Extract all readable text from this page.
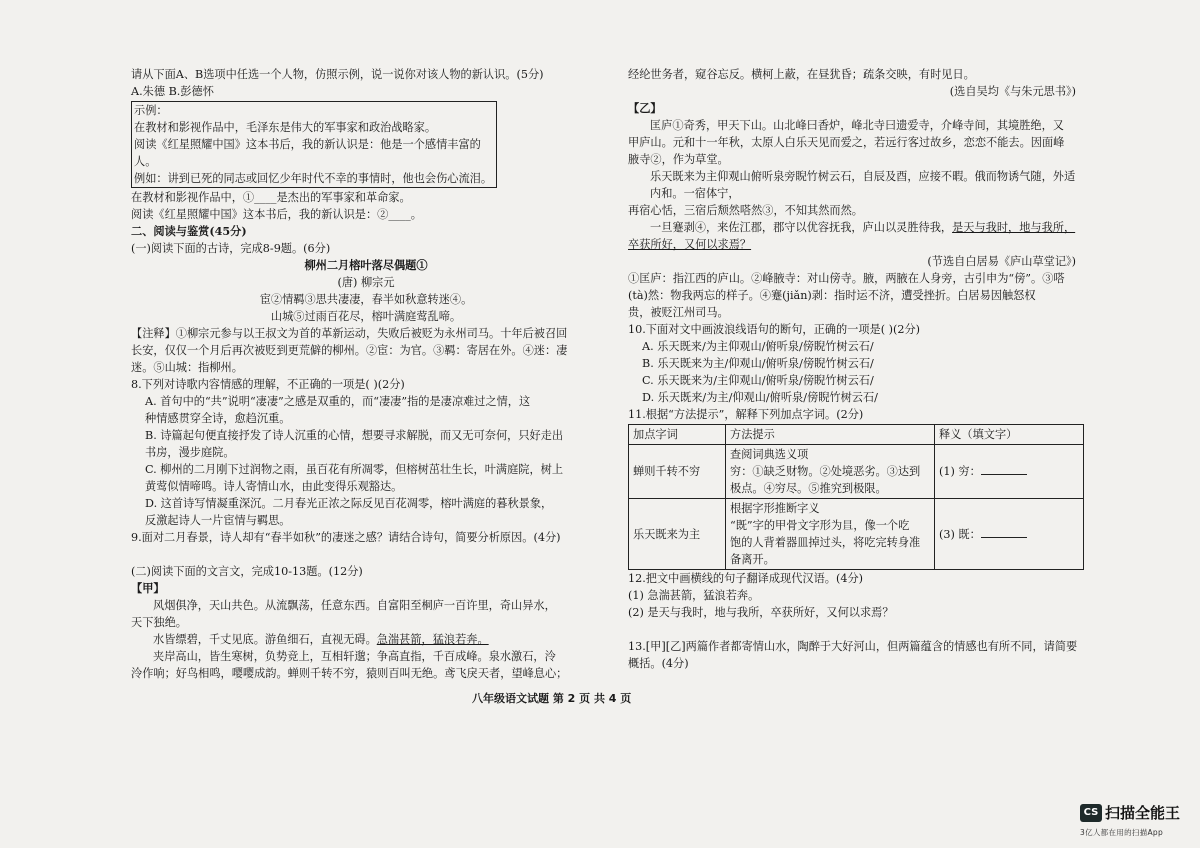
请从下面A、B选项中任选一个人物，仿照示例，说一说你对该人物的新认识。(5分)
A.朱德 B.彭德怀
示例：
在教材和影视作品中，毛泽东是伟大的军事家和政治战略家。
阅读《红星照耀中国》这本书后，我的新认识是：他是一个感情丰富的人。
例如：讲到已死的同志或回忆少年时代不幸的事情时，他也会伤心流泪。
在教材和影视作品中，①____是杰出的军事家和革命家。
阅读《红星照耀中国》这本书后，我的新认识是：②____。
二、阅读与鉴赏(45分)
(一)阅读下面的古诗，完成8-9题。(6分)
柳州二月榕叶落尽偶题①
(唐) 柳宗元
宦②情羁③思共凄凄，春半如秋意转迷④。
山城⑤过雨百花尽，榕叶满庭莺乱啼。
【注释】①柳宗元参与以王叔文为首的革新运动，失败后被贬为永州司马。十年后被召回
长安，仅仅一个月后再次被贬到更荒僻的柳州。②宦：为官。③羁：寄居在外。④迷：凄
迷。⑤山城：指柳州。
8.下列对诗歌内容情感的理解，不正确的一项是( )(2分)
A. 首句中的“共”说明“凄凄”之感是双重的，而“凄凄”指的是凄凉难过之情，这
种情感贯穿全诗，愈趋沉重。
B. 诗篇起句便直接抒发了诗人沉重的心情，想要寻求解脱，而又无可奈何，只好走出
书房，漫步庭院。
C. 柳州的二月刚下过润物之雨，虽百花有所凋零，但榕树茁壮生长，叶满庭院，树上
黄莺似情啼鸣。诗人寄情山水，由此变得乐观豁达。
D. 这首诗写情凝重深沉。二月春光正浓之际反见百花凋零，榕叶满庭的暮秋景象，
反激起诗人一片宦情与羁思。
9.面对二月春景，诗人却有“春半如秋”的凄迷之感？请结合诗句，简要分析原因。(4分)
(二)阅读下面的文言文，完成10-13题。(12分)
【甲】
风烟俱净，天山共色。从流飘荡，任意东西。自富阳至桐庐一百许里，奇山异水，
天下独绝。
水皆缥碧，千丈见底。游鱼细石，直视无碍。急湍甚箭，猛浪若奔。
夹岸高山，皆生寒树，负势竞上，互相轩邈；争高直指，千百成峰。泉水激石，泠
泠作响；好鸟相鸣，嘤嘤成韵。蝉则千转不穷，猿则百叫无绝。鸢飞戾天者，望峰息心；
经纶世务者，窥谷忘反。横柯上蔽，在昼犹昏；疏条交映，有时见日。
(选自吴均《与朱元思书》)
【乙】
匡庐①奇秀，甲天下山。山北峰曰香炉，峰北寺曰遗爱寺，介峰寺间，其境胜绝，又
甲庐山。元和十一年秋，太原人白乐天见而爱之，若远行客过故乡，恋恋不能去。因面峰
腋寺②，作为草堂。
乐天既来为主仰观山俯听泉旁睨竹树云石，自辰及酉，应接不暇。俄而物诱气随，外适内和。一宿体宁，
再宿心恬，三宿后颓然嗒然③，不知其然而然。
一旦蹇剥④，来佐江郡，郡守以优容抚我，庐山以灵胜待我，是天与我时，地与我所，
卒获所好，又何以求焉？
(节选自白居易《庐山草堂记》)
①匡庐：指江西的庐山。②峰腋寺：对山傍寺。腋，两腋在人身旁，古引申为“傍”。③嗒
(tà)然：物我两忘的样子。④蹇(jiǎn)剥：指时运不济，遭受挫折。白居易因触怒权
贵，被贬江州司马。
10.下面对文中画波浪线语句的断句，正确的一项是( )(2分)
A. 乐天既来/为主仰观山/俯听泉/傍睨竹树云石/
B. 乐天既来为主/仰观山/俯听泉/傍睨竹树云石/
C. 乐天既来为/主仰观山/俯听泉/傍睨竹树云石/
D. 乐天既来/为主/仰观山/俯听泉/傍睨竹树云石/
11.根据“方法提示”，解释下列加点字词。(2分)
加点字词	方法提示	释义（填文字）
蝉则千转不穷	查阅词典选义项
穷：①缺乏财物。②处境恶劣。③达到
极点。④穷尽。⑤推究到极限。	(1) 穷：
乐天既来为主	根据字形推断字义
“既”字的甲骨文字形为𣅣，像一个吃
饱的人背着器皿掉过头，将吃完转身准
备离开。	(3) 既：
12.把文中画横线的句子翻译成现代汉语。(4分)
(1) 急湍甚箭，猛浪若奔。
(2) 是天与我时，地与我所，卒获所好，又何以求焉？
13.[甲][乙]两篇作者都寄情山水，陶醉于大好河山，但两篇蕴含的情感也有所不同，请简要
概括。(4分)
八年级语文试题 第 2 页 共 4 页
CS 扫描全能王
3亿人都在用的扫描App
